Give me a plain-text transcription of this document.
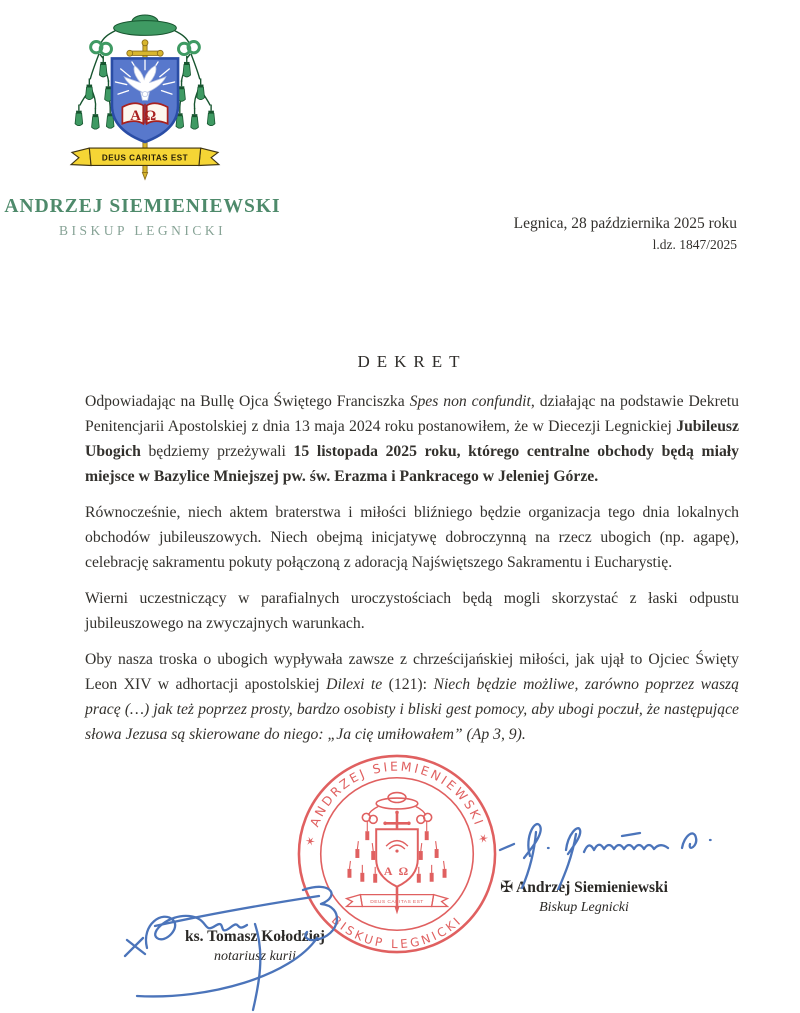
ΑΩ
DEUS CARITAS EST
ANDRZEJ SIEMIENIEWSKI
BISKUP LEGNICKI	Legnica, 28 października 2025 roku
l.dz. 1847/2025
DEKRET

Odpowiadając na Bullę Ojca Świętego Franciszka Spes non confundit, działając na podstawie Dekretu Penitencjarii Apostolskiej z dnia 13 maja 2024 roku postanowiłem, że w Diecezji Legnickiej Jubileusz Ubogich będziemy przeżywali 15 listopada 2025 roku, którego centralne obchody będą miały miejsce w Bazylice Mniejszej pw. św. Erazma i Pankracego w Jeleniej Górze.

Równocześnie, niech aktem braterstwa i miłości bliźniego będzie organizacja tego dnia lokalnych obchodów jubileuszowych. Niech obejmą inicjatywę dobroczynną na rzecz ubogich (np. agapę), celebrację sakramentu pokuty połączoną z adoracją Najświętszego Sakramentu i Eucharystię.

Wierni uczestniczący w parafialnych uroczystościach będą mogli skorzystać z łaski odpustu jubileuszowego na zwyczajnych warunkach.

Oby nasza troska o ubogich wypływała zawsze z chrześcijańskiej miłości, jak ujął to Ojciec Święty Leon XIV w adhortacji apostolskiej Dilexi te (121): Niech będzie możliwe, zarówno poprzez waszą pracę (…) jak też poprzez prosty, bardzo osobisty i bliski gest pomocy, aby ubogi poczuł, że następujące słowa Jezusa są skierowane do niego: „Ja cię umiłowałem” (Ap 3, 9).

✶ ANDRZEJ SIEMIENIEWSKI ✶
BISKUP LEGNICKI
Α Ω
DEUS CARITAS EST
ks. Tomasz Kołodziej
notariusz kurii
✠ Andrzej Siemieniewski
Biskup Legnicki
